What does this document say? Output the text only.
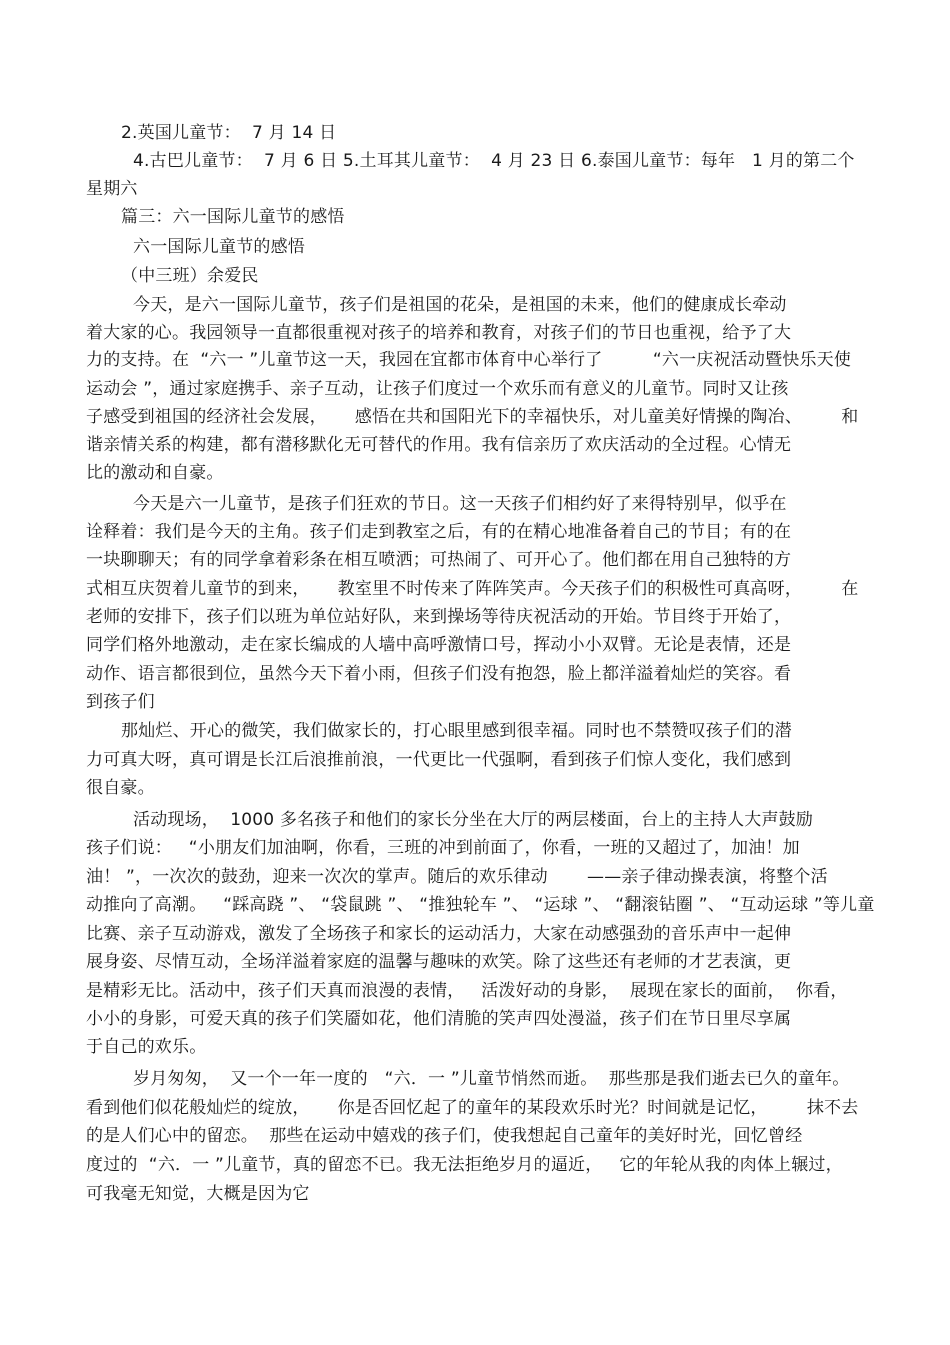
2.英国儿童节：  7 月 14 日
4.古巴儿童节：  7 月 6 日 5.土耳其儿童节：  4 月 23 日 6.泰国儿童节：每年   1 月的第二个
星期六
篇三：六一国际儿童节的感悟
六一国际儿童节的感悟
（中三班）余爱民
今天，是六一国际儿童节，孩子们是祖国的花朵，是祖国的未来，他们的健康成长牵动
着大家的心。我园领导一直都很重视对孩子的培养和教育，对孩子们的节日也重视，给予了大
力的支持。在  “六一 ”儿童节这一天，我园在宜都市体育中心举行了         “六一庆祝活动暨快乐天使
运动会 ”，通过家庭携手、亲子互动，让孩子们度过一个欢乐而有意义的儿童节。同时又让孩
子感受到祖国的经济社会发展，     感悟在共和国阳光下的幸福快乐，对儿童美好情操的陶冶、       和
谐亲情关系的构建，都有潜移默化无可替代的作用。我有信亲历了欢庆活动的全过程。心情无
比的激动和自豪。
今天是六一儿童节，是孩子们狂欢的节日。这一天孩子们相约好了来得特别早，似乎在
诠释着：我们是今天的主角。孩子们走到教室之后，有的在精心地准备着自己的节目；有的在
一块聊聊天；有的同学拿着彩条在相互喷洒；可热闹了、可开心了。他们都在用自己独特的方
式相互庆贺着儿童节的到来，     教室里不时传来了阵阵笑声。今天孩子们的积极性可真高呀，       在
老师的安排下，孩子们以班为单位站好队，来到操场等待庆祝活动的开始。节目终于开始了，
同学们格外地激动，走在家长编成的人墙中高呼激情口号，挥动小小双臂。无论是表情，还是
动作、语言都很到位，虽然今天下着小雨，但孩子们没有抱怨，脸上都洋溢着灿烂的笑容。看
到孩子们
那灿烂、开心的微笑，我们做家长的，打心眼里感到很幸福。同时也不禁赞叹孩子们的潜
力可真大呀，真可谓是长江后浪推前浪，一代更比一代强啊，看到孩子们惊人变化，我们感到
很自豪。
活动现场，  1000 多名孩子和他们的家长分坐在大厅的两层楼面，台上的主持人大声鼓励
孩子们说：   “小朋友们加油啊，你看，三班的冲到前面了，你看，一班的又超过了，加油！加
油！ ”，一次次的鼓劲，迎来一次次的掌声。随后的欢乐律动       ——亲子律动操表演，将整个活
动推向了高潮。   “踩高跷 ”、 “袋鼠跳 ”、 “推独轮车 ”、 “运球 ”、 “翻滚钻圈 ”、 “互动运球 ”等儿童
比赛、亲子互动游戏，激发了全场孩子和家长的运动活力，大家在动感强劲的音乐声中一起伸
展身姿、尽情互动，全场洋溢着家庭的温馨与趣味的欢笑。除了这些还有老师的才艺表演，更
是精彩无比。活动中，孩子们天真而浪漫的表情，   活泼好动的身影，  展现在家长的面前，  你看，
小小的身影，可爱天真的孩子们笑靥如花，他们清脆的笑声四处漫溢，孩子们在节日里尽享属
于自己的欢乐。
岁月匆匆，  又一个一年一度的   “六．一 ”儿童节悄然而逝。  那些那是我们逝去已久的童年。
看到他们似花般灿烂的绽放，     你是否回忆起了的童年的某段欢乐时光？时间就是记忆，       抹不去
的是人们心中的留恋。  那些在运动中嬉戏的孩子们，使我想起自己童年的美好时光，回忆曾经
度过的  “六．一 ”儿童节，真的留恋不已。我无法拒绝岁月的逼近，   它的年轮从我的肉体上辗过，
可我毫无知觉，大概是因为它
